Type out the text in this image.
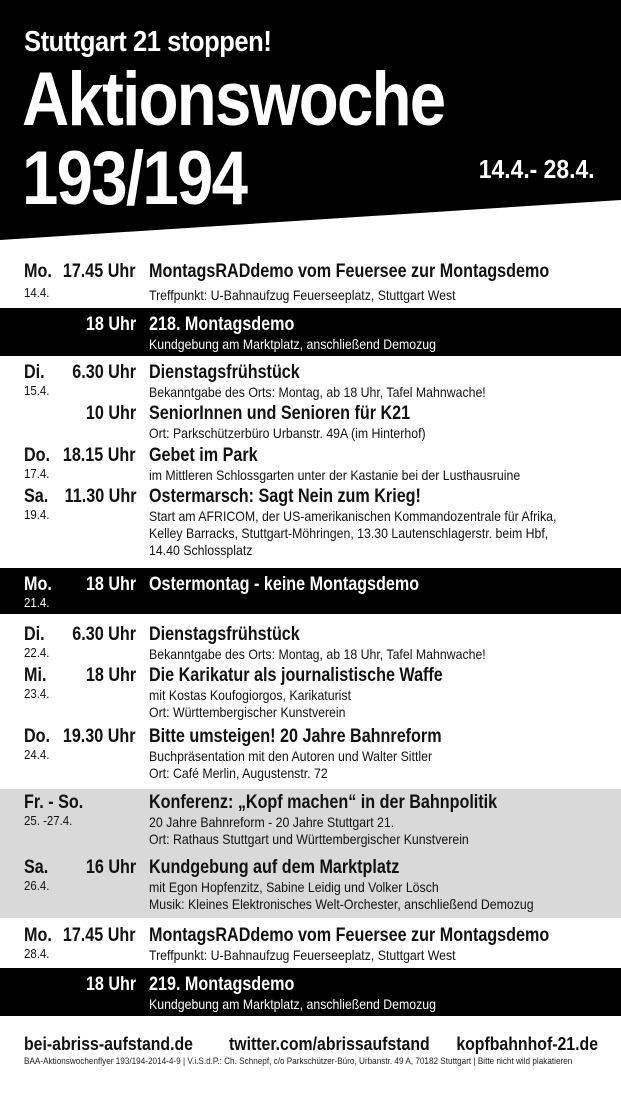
Stuttgart 21 stoppen!
Aktionswoche
193/194	14.4.- 28.4.
Mo. 17.45 Uhr
14.4.
MontagsRADdemo vom Feuersee zur Montagsdemo
Treffpunkt: U-Bahnaufzug Feuerseeplatz, Stuttgart West
18 Uhr 218. Montagsdemo
Kundgebung am Marktplatz, anschließend Demozug
Di. 6.30 Uhr
15.4.
Dienstagsfrühstück
Bekanntgabe des Orts: Montag, ab 18 Uhr, Tafel Mahnwache!
10 Uhr SeniorInnen und Senioren für K21
Ort: Parkschützerbüro Urbanstr. 49A (im Hinterhof)
Do. 18.15 Uhr
17.4.
Gebet im Park
im Mittleren Schlossgarten unter der Kastanie bei der Lusthausruine
Sa. 11.30 Uhr
19.4.
Ostermarsch: Sagt Nein zum Krieg!
Start am AFRICOM, der US-amerikanischen Kommandozentrale für Afrika,
Kelley Barracks, Stuttgart-Möhringen, 13.30 Lautenschlagerstr. beim Hbf,
14.40 Schlossplatz
Mo. 18 Uhr
21.4.
Ostermontag - keine Montagsdemo
Di. 6.30 Uhr
22.4.
Dienstagsfrühstück
Bekanntgabe des Orts: Montag, ab 18 Uhr, Tafel Mahnwache!
Mi. 18 Uhr
23.4.
Die Karikatur als journalistische Waffe
mit Kostas Koufogiorgos, Karikaturist
Ort: Württembergischer Kunstverein
Do. 19.30 Uhr
24.4.
Bitte umsteigen! 20 Jahre Bahnreform
Buchpräsentation mit den Autoren und Walter Sittler
Ort: Café Merlin, Augustenstr. 72
Fr. - So.
25. -27.4.
Konferenz: „Kopf machen“ in der Bahnpolitik
20 Jahre Bahnreform - 20 Jahre Stuttgart 21.
Ort: Rathaus Stuttgart und Württembergischer Kunstverein
Sa. 16 Uhr
26.4.
Kundgebung auf dem Marktplatz
mit Egon Hopfenzitz, Sabine Leidig und Volker Lösch
Musik: Kleines Elektronisches Welt-Orchester, anschließend Demozug
Mo. 17.45 Uhr
28.4.
MontagsRADdemo vom Feuersee zur Montagsdemo
Treffpunkt: U-Bahnaufzug Feuerseeplatz, Stuttgart West
18 Uhr 219. Montagsdemo
Kundgebung am Marktplatz, anschließend Demozug
bei-abriss-aufstand.de twitter.com/abrissaufstand kopfbahnhof-21.de
BAA-Aktionswochenflyer 193/194-2014-4-9 | V.i.S.d.P.: Ch. Schnepf, c/o Parkschützer-Büro, Urbanstr. 49 A, 70182 Stuttgart | Bitte nicht wild plakatieren
